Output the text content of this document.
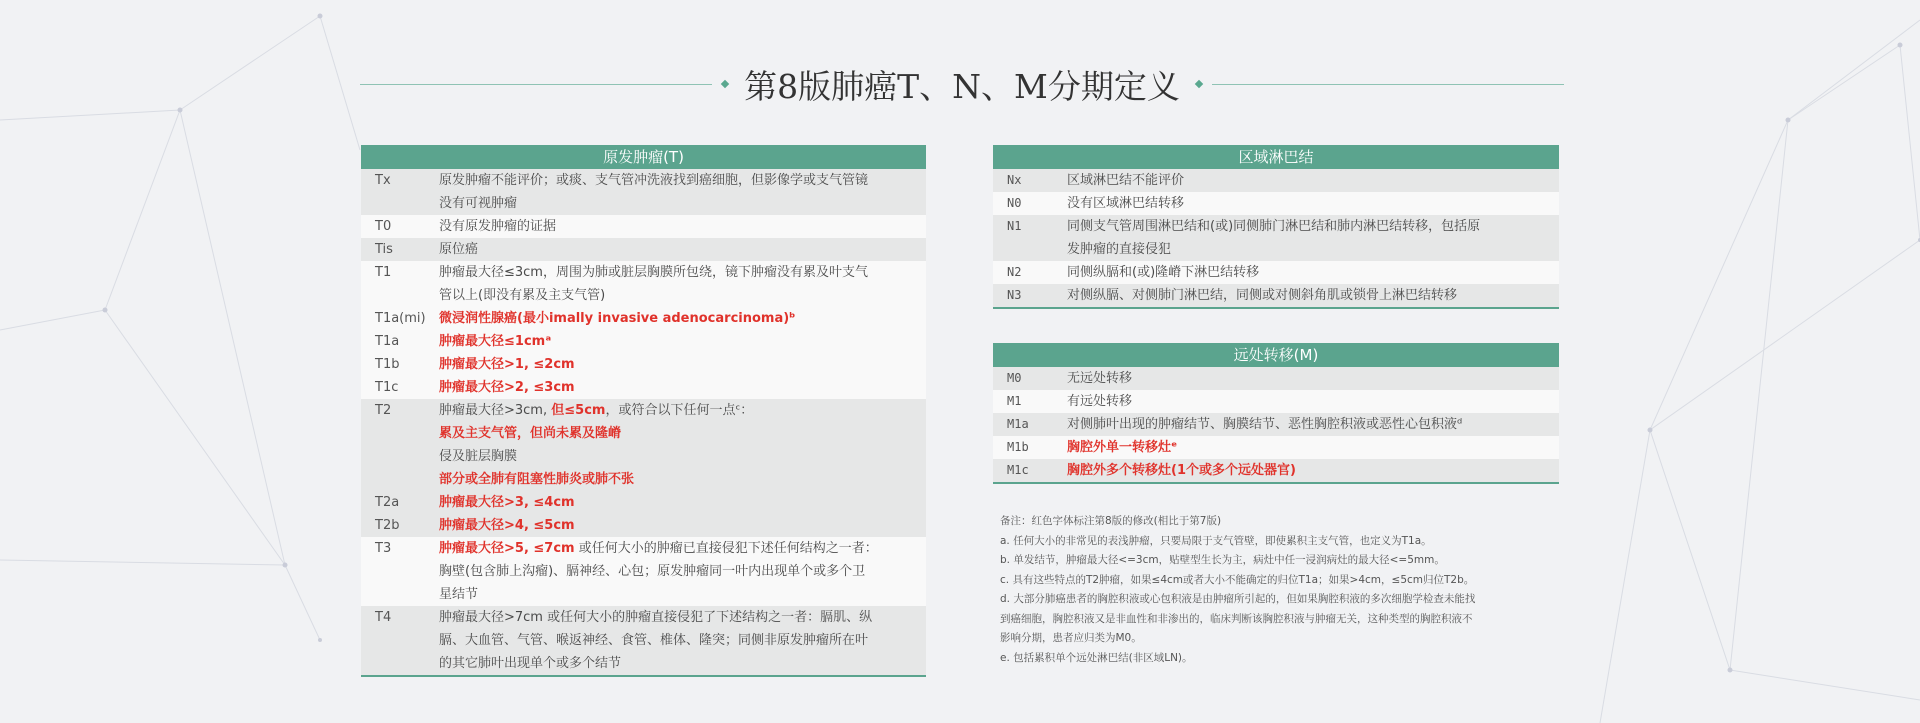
第8版肺癌T、N、M分期定义
原发肿瘤(T)
Tx	原发肿瘤不能评价；或痰、支气管冲洗液找到癌细胞，但影像学或支气管镜
没有可视肿瘤
T0	没有原发肿瘤的证据
Tis	原位癌
T1	肿瘤最大径≤3cm，周围为肺或脏层胸膜所包绕，镜下肿瘤没有累及叶支气
管以上(即没有累及主支气管)
T1a(mi)	微浸润性腺癌(最小imally invasive adenocarcinoma)ᵇ
T1a	肿瘤最大径≤1cmᵃ
T1b	肿瘤最大径>1, ≤2cm
T1c	肿瘤最大径>2, ≤3cm
T2	肿瘤最大径>3cm, 但≤5cm，或符合以下任何一点ᶜ：
累及主支气管，但尚未累及隆嵴
侵及脏层胸膜
部分或全肺有阻塞性肺炎或肺不张
T2a	肿瘤最大径>3, ≤4cm
T2b	肿瘤最大径>4, ≤5cm
T3	肿瘤最大径>5, ≤7cm 或任何大小的肿瘤已直接侵犯下述任何结构之一者：
胸壁(包含肺上沟瘤)、膈神经、心包；原发肿瘤同一叶内出现单个或多个卫
星结节
T4	肿瘤最大径>7cm 或任何大小的肿瘤直接侵犯了下述结构之一者：膈肌、纵
膈、大血管、气管、喉返神经、食管、椎体、隆突；同侧非原发肿瘤所在叶
的其它肺叶出现单个或多个结节
区域淋巴结
Nx	区域淋巴结不能评价
N0	没有区域淋巴结转移
N1	同侧支气管周围淋巴结和(或)同侧肺门淋巴结和肺内淋巴结转移，包括原
发肿瘤的直接侵犯
N2	同侧纵膈和(或)隆嵴下淋巴结转移
N3	对侧纵膈、对侧肺门淋巴结，同侧或对侧斜角肌或锁骨上淋巴结转移
远处转移(M)
M0	无远处转移
M1	有远处转移
M1a	对侧肺叶出现的肿瘤结节、胸膜结节、恶性胸腔积液或恶性心包积液ᵈ
M1b	胸腔外单一转移灶ᵉ
M1c	胸腔外多个转移灶(1个或多个远处器官)
备注：红色字体标注第8版的修改(相比于第7版)
a. 任何大小的非常见的表浅肿瘤，只要局限于支气管壁，即使累积主支气管，也定义为T1a。
b. 单发结节，肿瘤最大径<=3cm，贴壁型生长为主，病灶中任一浸润病灶的最大径<=5mm。
c. 具有这些特点的T2肿瘤，如果≤4cm或者大小不能确定的归位T1a；如果>4cm，≤5cm归位T2b。
d. 大部分肺癌患者的胸腔积液或心包积液是由肿瘤所引起的，但如果胸腔积液的多次细胞学检查未能找
到癌细胞，胸腔积液又是非血性和非渗出的，临床判断该胸腔积液与肿瘤无关，这种类型的胸腔积液不
影响分期，患者应归类为M0。
e. 包括累积单个远处淋巴结(非区域LN)。
